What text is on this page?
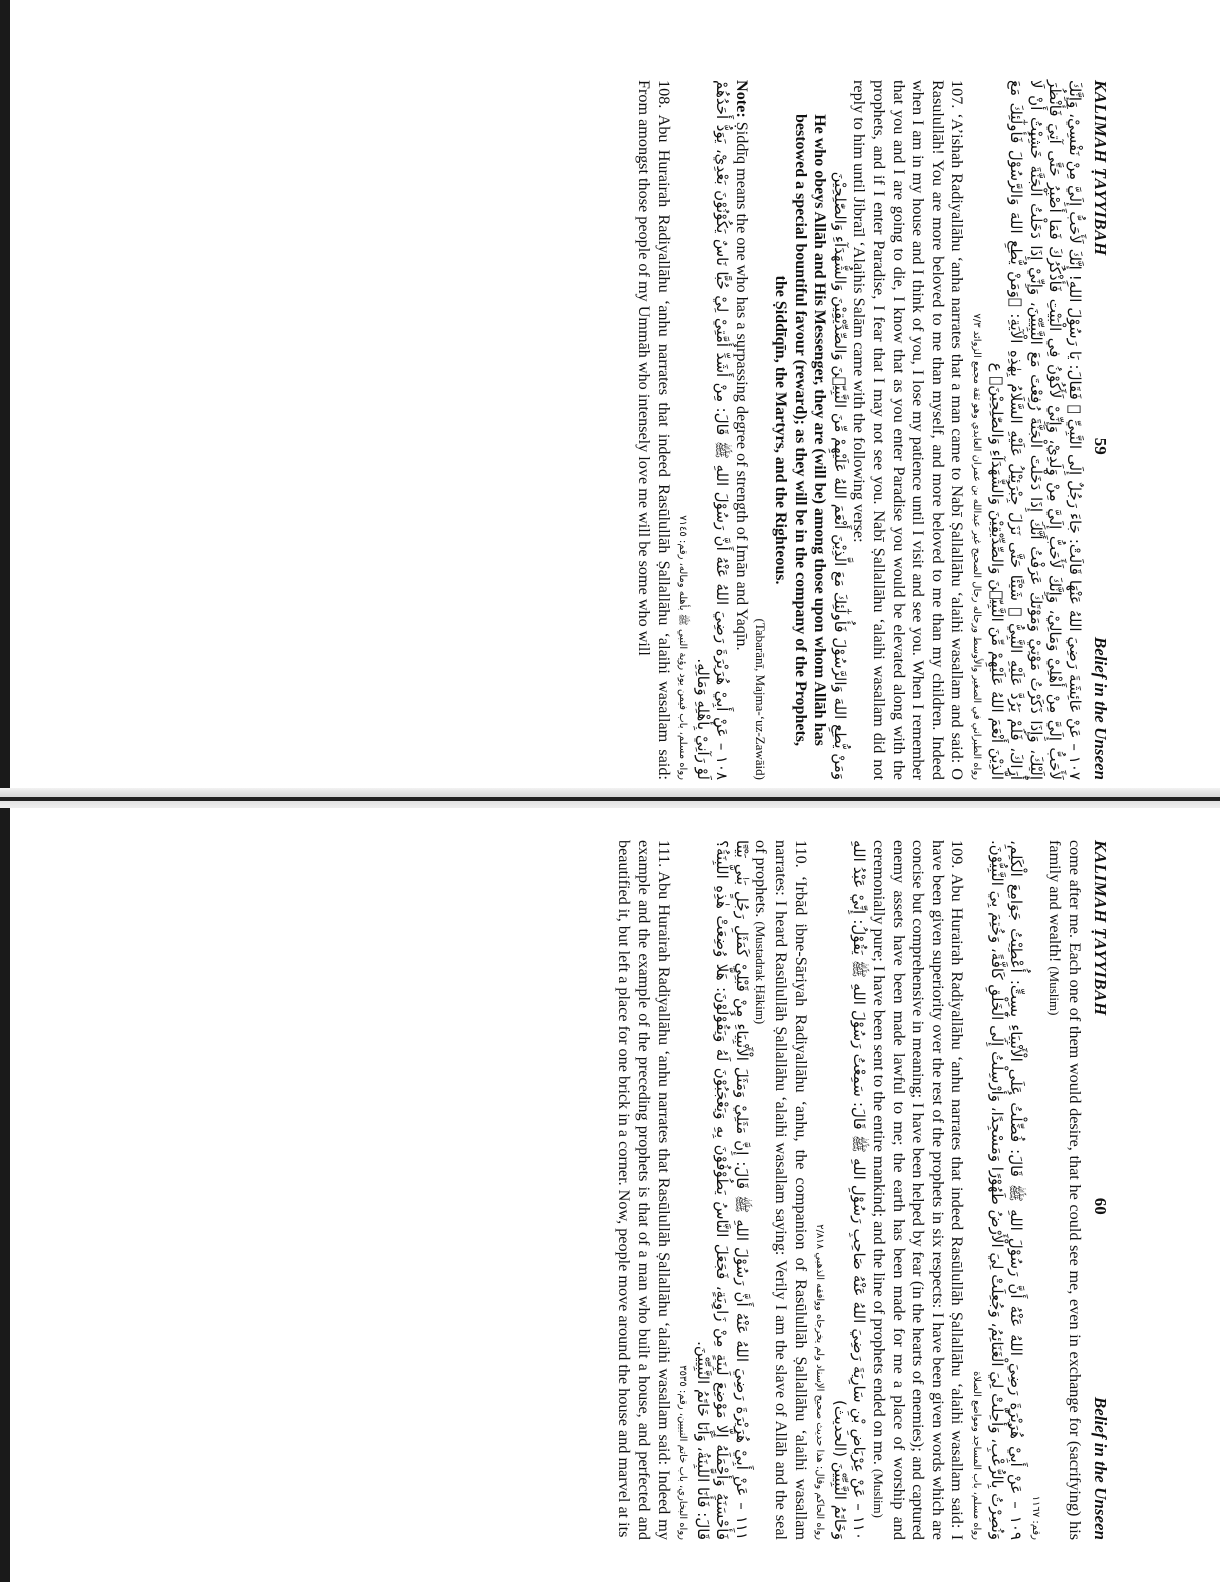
KALIMAH ṬAYYIBAH
59
Belief in the Unseen
١٠٧ – عَنْ عَائِشَةَ رَضِيَ اللهُ عَنْهَا قَالَتْ: جَاءَ رَجُلٌ إِلَى النَّبِيِّ ﷺ فَقَالَ: يَا رَسُوْلَ اللهِ! إِنَّكَ لَأَحَبُّ إِلَيَّ مِنْ نَفْسِيْ، وَإِنَّكَ لَأَحَبُّ إِلَيَّ مِنْ أَهْلِيْ وَمَالِيْ، وَإِنَّكَ لَأَحَبُّ إِلَيَّ مِنْ وَلَدِيْ، وَإِنِّيْ لَأَكُوْنُ فِي الْبَيْتِ فَأَذْكُرُكَ فَمَا أَصْبِرُ حَتَّى آتِيَ فَأَنْظُرَ إِلَيْكَ، وَإِذَا ذَكَرْتُ مَوْتِيْ وَمَوْتَكَ عَرَفْتُ أَنَّكَ إِذَا دَخَلْتَ الْجَنَّةَ رُفِعْتَ مَعَ النَّبِيِّيْنَ، وَإِنِّيْ إِذَا دَخَلْتُ الْجَنَّةَ خَشِيْتُ أَنْ لَا أَرَاكَ، فَلَمْ يَرُدَّ عَلَيْهِ النَّبِيُّ ﷺ شَيْئًا حَتَّى نَزَلَ جِبْرَئِيْلُ عَلَيْهِ السَّلَامُ بِهٰذِهِ الْآيَةِ: ﴿وَمَنْ يُّطِعِ اللهَ وَالرَّسُوْلَ فَأُولٰٓئِكَ مَعَ الَّذِيْنَ أَنْعَمَ اللهُ عَلَيْهِمْ مِّنَ النَّبِيّٖنَ وَالصِّدِّيْقِيْنَ وَالشُّهَدَآءِ وَالصّٰلِحِيْنَ﴾ ع
رواه الطبراني في الصغير والأوسط ورجاله رجال الصحيح غير عبدالله بن عمران العابدي وهو ثقة مجمع الزوائد ٧/٣

107. ‘A’ishah Radiyallāhu ‘anha narrates that a man came to Nabī Ṣallallāhu ‘alaihi wasallam and said: O Rasulullāh! You are more beloved to me than myself, and more beloved to me than my children. Indeed when I am in my house and I think of you, I lose my patience until I visit and see you. When I remember that you and I are going to die, I know that as you enter Paradise you would be elevated along with the prophets, and if I enter Paradise, I fear that I may not see you. Nabī Ṣallallāhu ‘alaihi wasallam did not reply to him until Jibraīl ‘Alaihis Salām came with the following verse:

وَمَنْ يُّطِعِ اللهَ وَالرَّسُوْلَ فَأُولٰٓئِكَ مَعَ الَّذِيْنَ أَنْعَمَ اللهُ عَلَيْهِمْ مِّنَ النَّبِيّٖنَ وَالصِّدِّيْقِيْنَ وَالشُّهَدَآءِ وَالصّٰلِحِيْنَ
He who obeys Allāh and His Messenger, they are (will be) among those upon whom Allāh has bestowed a special bountiful favour (reward); as they will be in the company of the Prophets, the Ṣiddīqīn, the Martyrs, and the Righteous.
(Tabarānī, Majma-‘uz-Zawāid)

Note: Ṣiddīq means the one who has a surpassing degree of strength of Imān and Yaqīn.

١٠٨ – عَنْ أَبِيْ هُرَيْرَةَ رَضِيَ اللهُ عَنْهُ أَنَّ رَسُوْلَ اللهِ ﷺ قَالَ: مِنْ أَشَدِّ أُمَّتِيْ لِيْ حُبًّا نَاسٌ يَكُوْنُوْنَ بَعْدِيْ، يَوَدُّ أَحَدُهُمْ لَوْ رَآنِيْ بِأَهْلِهِ وَمَالِهِ.
رواه مسلم، باب فيمن يود رؤية النبي ﷺ بأهله وماله، رقم: ٧١٤٥

108. Abu Hurairah Radiyallāhu ‘anhu narrates that indeed Rasūlullāh Ṣallallāhu ‘alaihi wasallam said: From amongst those people of my Ummāh who intensely love me will be some who will

KALIMAH ṬAYYIBAH
60
Belief in the Unseen

come after me. Each one of them would desire, that he could see me, even in exchange for (sacrifying) his family and wealth! (Muslim)

رقم: ١١٦٧
١٠٩ – عَنْ أَبِيْ هُرَيْرَةَ رَضِيَ اللهُ عَنْهُ أَنَّ رَسُوْلَ اللهِ ﷺ قَالَ: فُضِّلْتُ عَلَى الْأَنْبِيَاءِ بِسِتٍّ: أُعْطِيْتُ جَوَامِعَ الْكَلِمِ، وَنُصِرْتُ بِالرُّعْبِ، وَأُحِلَّتْ لِيَ الْغَنَائِمُ، وَجُعِلَتْ لِيَ الْأَرْضُ طَهُوْرًا وَمَسْجِدًا، وَأُرْسِلْتُ إِلَى الْخَلْقِ كَافَّةً، وَخُتِمَ بِيَ النَّبِيُّوْنَ.
رواه مسلم، باب المساجد ومواضع الصلاة

109. Abu Hurairah Radiyallāhu ‘anhu narrates that indeed Rasūlullāh Ṣallallāhu ‘alaihi wasallam said: I have been given superiority over the rest of the prophets in six respects: I have been given words which are concise but comprehensive in meaning; I have been helped by fear (in the hearts of enemies); and captured enemy assets have been made lawful to me; the earth has been made for me a place of worship and ceremonially pure; I have been sent to the entire mankind; and the line of prophets ended on me. (Muslim)

١١٠ – عَنْ عِرْبَاضِ بْنِ سَارِيَةَ رَضِيَ اللهُ عَنْهُ صَاحِبِ رَسُوْلِ اللهِ ﷺ قَالَ: سَمِعْتُ رَسُوْلَ اللهِ ﷺ يَقُوْلُ: إِنِّيْ عَبْدُ اللهِ وَخَاتَمُ النَّبِيِّيْنَ (الحديث)
رواه الحاكم وقال: هذا حديث صحيح الإسناد ولم يخرجاه ووافقه الذهبي ٢/٨١٨

110. ‘Irbād ibne-Sāriyah Radiyallāhu ‘anhu, the companion of Rasūlullāh Ṣallallāhu ‘alaihi wasallam narrates: I heard Rasūlullāh Ṣallallāhu ‘alaihi wasallam saying: Verily I am the slave of Allāh and the seal of prophets. (Mustadrak Ḥākim)

١١١ – عَنْ أَبِيْ هُرَيْرَةَ رَضِيَ اللهُ عَنْهُ أَنَّ رَسُوْلَ اللهِ ﷺ قَالَ: إِنَّ مَثَلِيْ وَمَثَلَ الْأَنْبِيَاءِ مِنْ قَبْلِيْ كَمَثَلِ رَجُلٍ بَنٰى بَيْتًا فَأَحْسَنَهُ وَأَجْمَلَهُ إِلَّا مَوْضِعَ لَبِنَةٍ مِنْ زَاوِيَةٍ، فَجَعَلَ النَّاسُ يَطُوْفُوْنَ بِهِ وَيَعْجَبُوْنَ لَهُ وَيَقُوْلُوْنَ: هَلَّا وُضِعَتْ هٰذِهِ اللَّبِنَةُ؟ قَالَ: فَأَنَا اللَّبِنَةُ، وَأَنَا خَاتَمُ النَّبِيِّيْنَ.
رواه البخاري، باب خاتم النبيين، رقم: ٣٥٣٥

111. Abu Hurairah Radiyallāhu ‘anhu narrates that Rasūlullāh Ṣallallāhu ‘alaihi wasallam said: Indeed my example and the example of the preceding prophets is that of a man who built a house, and perfected and beautified it, but left a place for one brick in a corner. Now, people move around the house and marvel at its
